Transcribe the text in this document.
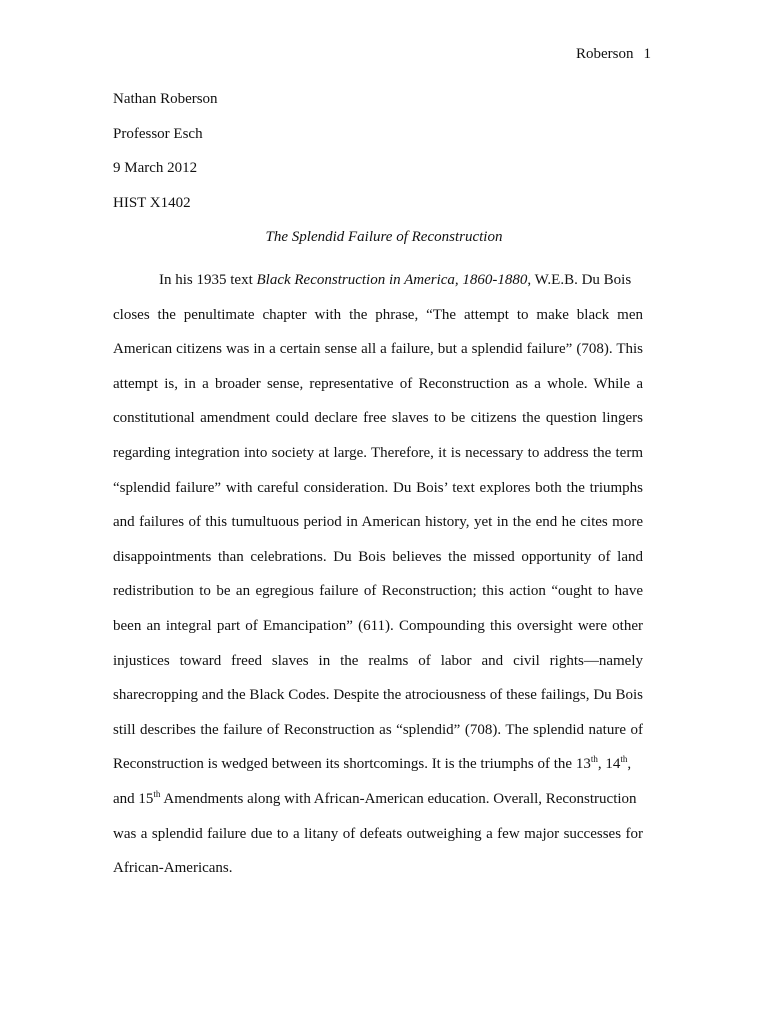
Roberson 1
Nathan Roberson
Professor Esch
9 March 2012
HIST X1402
The Splendid Failure of Reconstruction
In his 1935 text Black Reconstruction in America, 1860-1880, W.E.B. Du Bois
closes the penultimate chapter with the phrase, “The attempt to make black men
American citizens was in a certain sense all a failure, but a splendid failure” (708). This
attempt is, in a broader sense, representative of Reconstruction as a whole. While a
constitutional amendment could declare free slaves to be citizens the question lingers
regarding integration into society at large. Therefore, it is necessary to address the term
“splendid failure” with careful consideration. Du Bois’ text explores both the triumphs
and failures of this tumultuous period in American history, yet in the end he cites more
disappointments than celebrations. Du Bois believes the missed opportunity of land
redistribution to be an egregious failure of Reconstruction; this action “ought to have
been an integral part of Emancipation” (611). Compounding this oversight were other
injustices toward freed slaves in the realms of labor and civil rights—namely
sharecropping and the Black Codes. Despite the atrociousness of these failings, Du Bois
still describes the failure of Reconstruction as “splendid” (708). The splendid nature of
Reconstruction is wedged between its shortcomings. It is the triumphs of the 13th, 14th,
and 15th Amendments along with African-American education. Overall, Reconstruction
was a splendid failure due to a litany of defeats outweighing a few major successes for
African-Americans.
